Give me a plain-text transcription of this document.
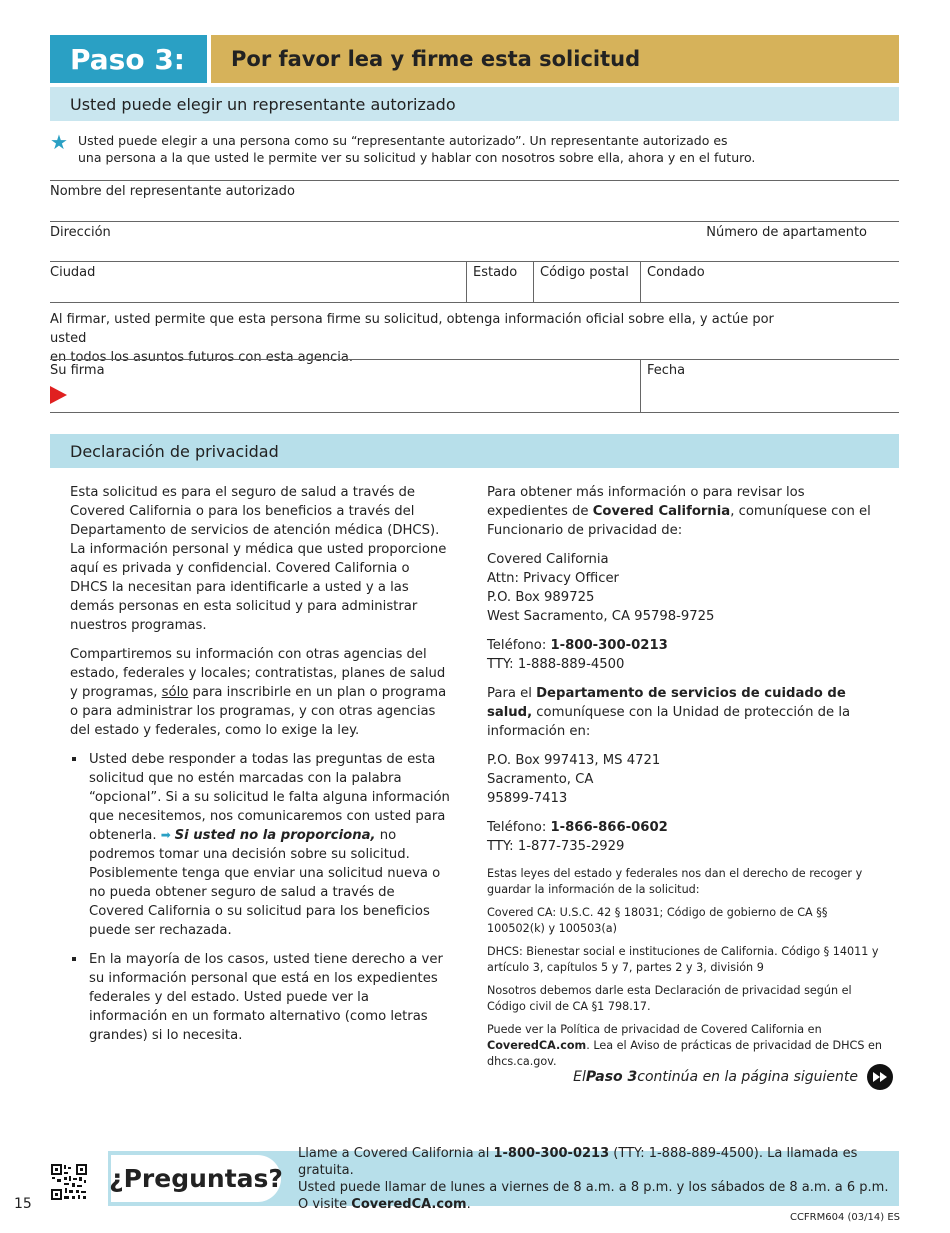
Paso 3:	Por favor lea y firme esta solicitud
Usted puede elegir un representante autorizado
★ Usted puede elegir a una persona como su “representante autorizado”. Un representante autorizado es
una persona a la que usted le permite ver su solicitud y hablar con nosotros sobre ella, ahora y en el futuro.
Nombre del representante autorizado
Dirección	Número de apartamento
Ciudad	Estado	Código postal	Condado
Al firmar, usted permite que esta persona firme su solicitud, obtenga información oficial sobre ella, y actúe por usted
en todos los asuntos futuros con esta agencia.
Su firma	Fecha
Declaración de privacidad

Esta solicitud es para el seguro de salud a través de Covered California o para los beneficios a través del Departamento de servicios de atención médica (DHCS). La información personal y médica que usted proporcione aquí es privada y confidencial. Covered California o DHCS la necesitan para identificarle a usted y a las demás personas en esta solicitud y para administrar nuestros programas.

Compartiremos su información con otras agencias del estado, federales y locales; contratistas, planes de salud y programas, sólo para inscribirle en un plan o programa o para administrar los programas, y con otras agencias del estado y federales, como lo exige la ley.

Usted debe responder a todas las preguntas de esta solicitud que no estén marcadas con la palabra “opcional”. Si a su solicitud le falta alguna información que necesitemos, nos comunicaremos con usted para obtenerla. ➡ Si usted no la proporciona, no podremos tomar una decisión sobre su solicitud. Posiblemente tenga que enviar una solicitud nueva o no pueda obtener seguro de salud a través de Covered California o su solicitud para los beneficios puede ser rechazada.
En la mayoría de los casos, usted tiene derecho a ver su información personal que está en los expedientes federales y del estado. Usted puede ver la información en un formato alternativo (como letras grandes) si lo necesita.

Para obtener más información o para revisar los expedientes de Covered California, comuníquese con el Funcionario de privacidad de:

Covered California
Attn: Privacy Officer
P.O. Box 989725
West Sacramento, CA 95798-9725

Teléfono: 1-800-300-0213
TTY: 1-888-889-4500

Para el Departamento de servicios de cuidado de salud, comuníquese con la Unidad de protección de la información en:

P.O. Box 997413, MS 4721
Sacramento, CA
95899-7413

Teléfono: 1-866-866-0602
TTY: 1-877-735-2929

Estas leyes del estado y federales nos dan el derecho de recoger y guardar la información de la solicitud:

Covered CA: U.S.C. 42 § 18031; Código de gobierno de CA §§ 100502(k) y 100503(a)

DHCS: Bienestar social e instituciones de California. Código § 14011 y artículo 3, capítulos 5 y 7, partes 2 y 3, división 9

Nosotros debemos darle esta Declaración de privacidad según el Código civil de CA §1 798.17.

Puede ver la Política de privacidad de Covered California en CoveredCA.com. Lea el Aviso de prácticas de privacidad de DHCS en dhcs.ca.gov.

El Paso 3 continúa en la página siguiente
¿Preguntas?
Llame a Covered California al 1-800-300-0213 (TTY: 1-888-889-4500). La llamada es gratuita.
Usted puede llamar de lunes a viernes de 8 a.m. a 8 p.m. y los sábados de 8 a.m. a 6 p.m.
O visite CoveredCA.com.
15
CCFRM604 (03/14) ES
